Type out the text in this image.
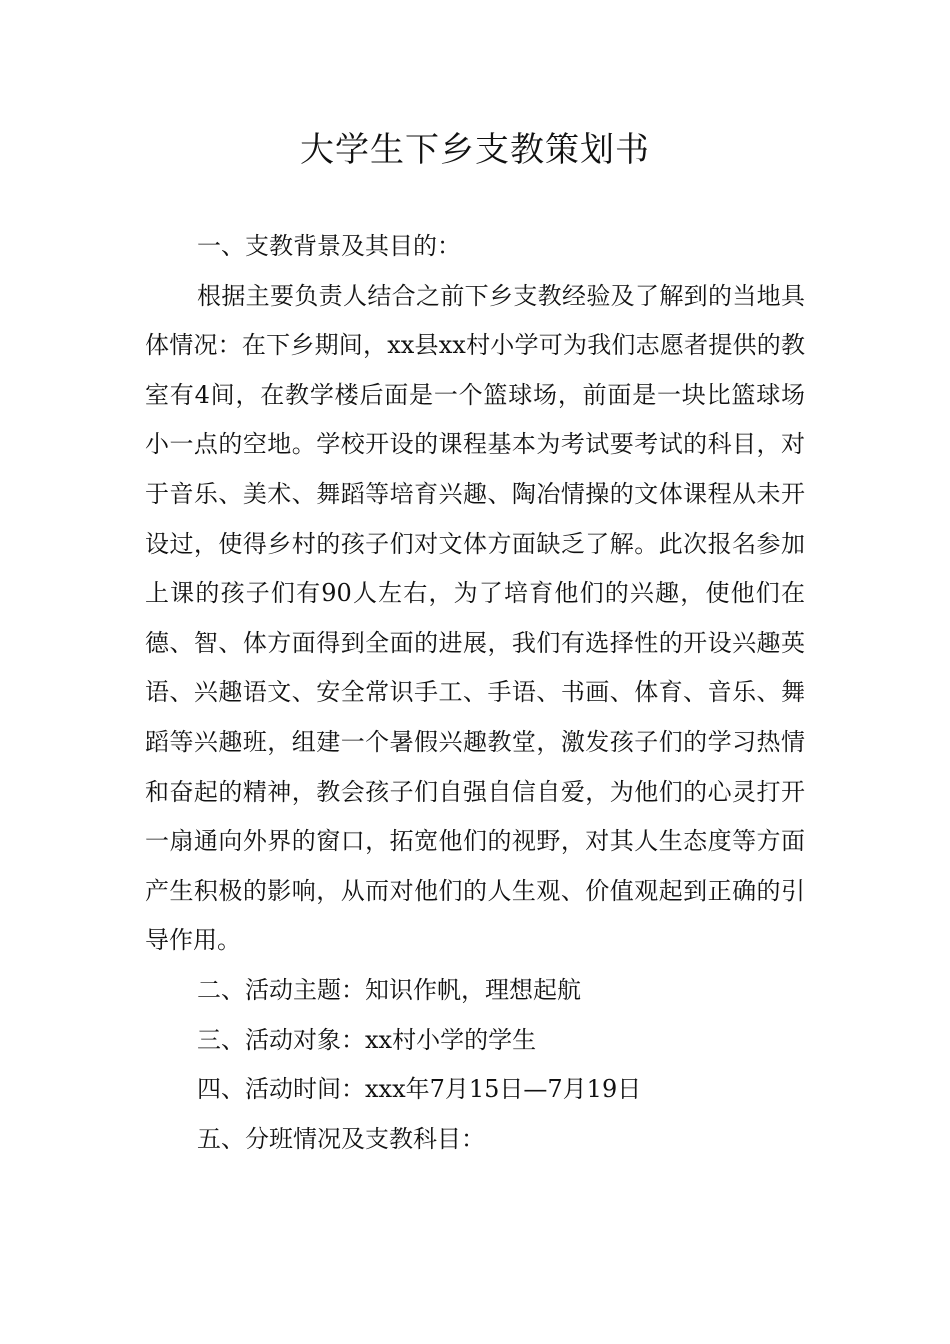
大学生下乡支教策划书

一、支教背景及其目的：

根据主要负责人结合之前下乡支教经验及了解到的当地具体情况：在下乡期间，xx县xx村小学可为我们志愿者提供的教室有4间，在教学楼后面是一个篮球场，前面是一块比篮球场小一点的空地。学校开设的课程基本为考试要考试的科目，对于音乐、美术、舞蹈等培育兴趣、陶冶情操的文体课程从未开设过，使得乡村的孩子们对文体方面缺乏了解。此次报名参加上课的孩子们有90人左右，为了培育他们的兴趣，使他们在德、智、体方面得到全面的进展，我们有选择性的开设兴趣英语、兴趣语文、安全常识手工、手语、书画、体育、音乐、舞蹈等兴趣班，组建一个暑假兴趣教堂，激发孩子们的学习热情和奋起的精神，教会孩子们自强自信自爱，为他们的心灵打开一扇通向外界的窗口，拓宽他们的视野，对其人生态度等方面产生积极的影响，从而对他们的人生观、价值观起到正确的引导作用。

二、活动主题：知识作帆，理想起航

三、活动对象：xx村小学的学生

四、活动时间：xxx年7月15日—7月19日

五、分班情况及支教科目：
